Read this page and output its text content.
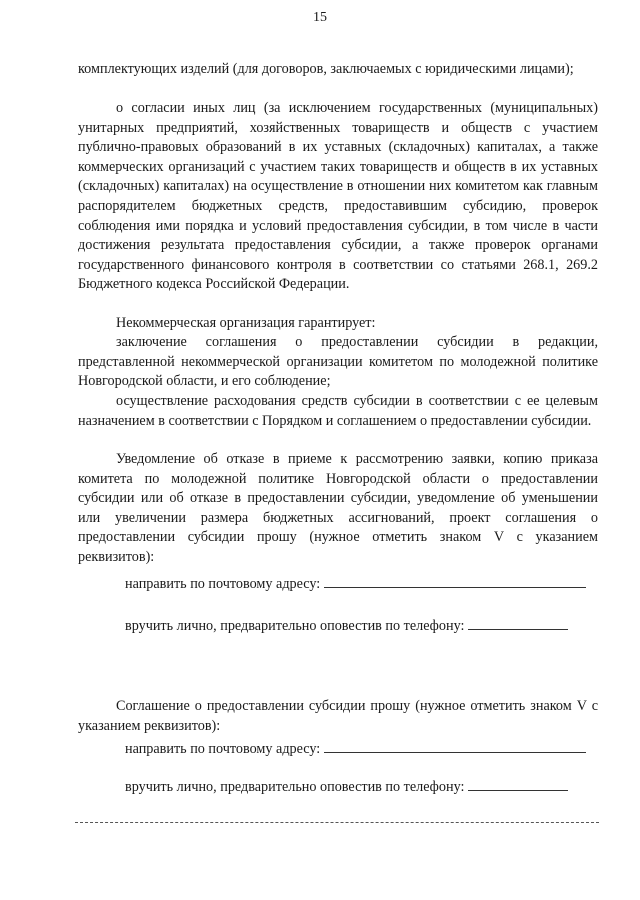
15

комплектующих изделий (для договоров, заключаемых с юридическими лицами);

о согласии иных лиц (за исключением государственных (муниципальных) унитарных предприятий, хозяйственных товариществ и обществ с участием публично-правовых образований в их уставных (складочных) капиталах, а также коммерческих организаций с участием таких товариществ и обществ в их уставных (складочных) капиталах) на осуществление в отношении них комитетом как главным распорядителем бюджетных средств, предоставившим субсидию, проверок соблюдения ими порядка и условий предоставления субсидии, в том числе в части достижения результата предоставления субсидии, а также проверок органами государственного финансового контроля в соответствии со статьями 268.1, 269.2 Бюджетного кодекса Российской Федерации.

Некоммерческая организация гарантирует:

заключение соглашения о предоставлении субсидии в редакции, представленной некоммерческой организации комитетом по молодежной политике Новгородской области, и его соблюдение;

осуществление расходования средств субсидии в соответствии с ее целевым назначением в соответствии с Порядком и соглашением о предоставлении субсидии.

Уведомление об отказе в приеме к рассмотрению заявки, копию приказа комитета по молодежной политике Новгородской области о предоставлении субсидии или об отказе в предоставлении субсидии, уведомление об уменьшении или увеличении размера бюджетных ассигнований, проект соглашения о предоставлении субсидии прошу (нужное отметить знаком V с указанием реквизитов):

направить по почтовому адресу:

вручить лично, предварительно оповестив по телефону:

Соглашение о предоставлении субсидии прошу (нужное отметить знаком V с указанием реквизитов):

направить по почтовому адресу:

вручить лично, предварительно оповестив по телефону:
